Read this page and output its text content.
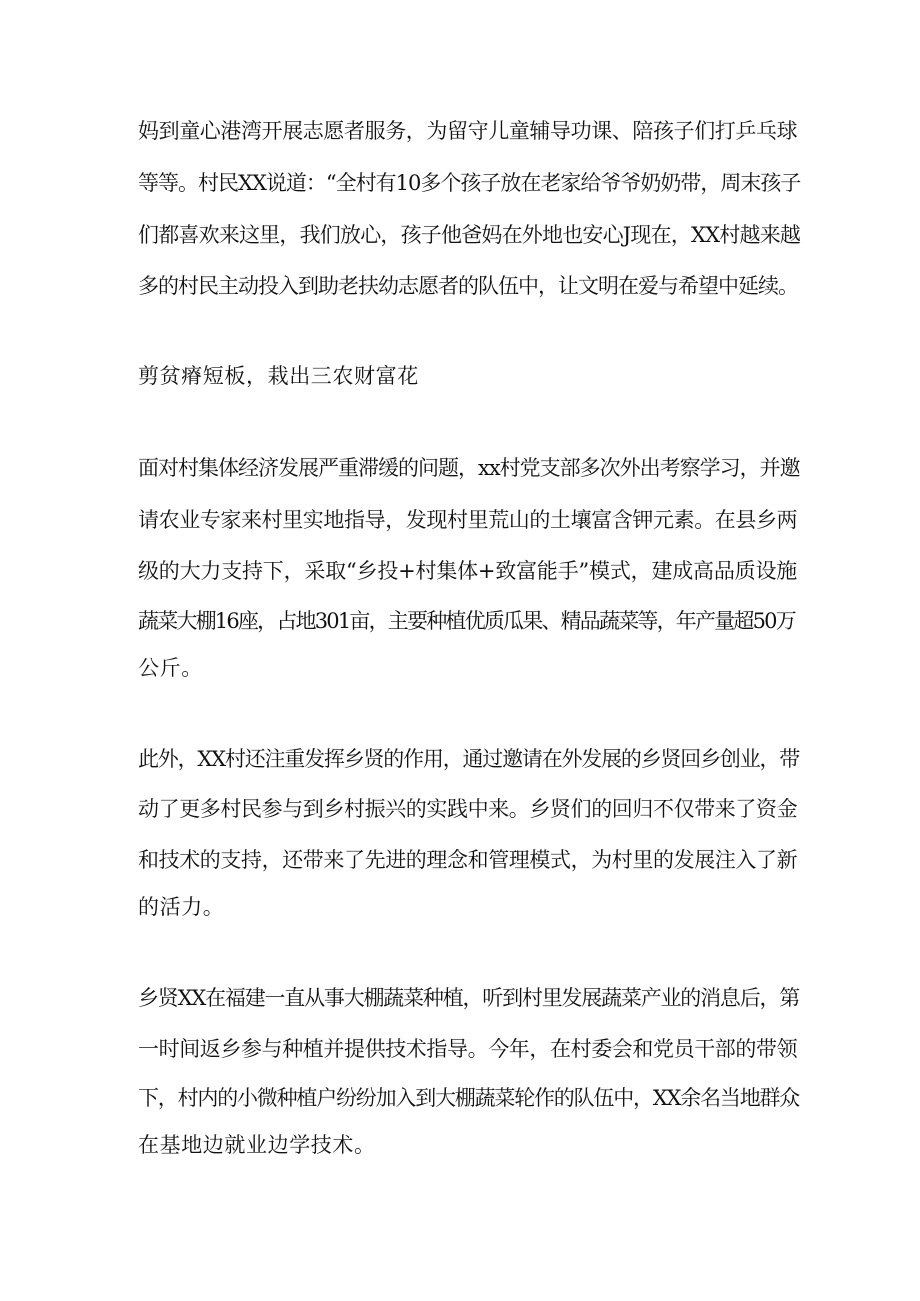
妈到童心港湾开展志愿者服务，为留守儿童辅导功课、陪孩子们打乒乓球
等等。村民XX说道：“全村有10多个孩子放在老家给爷爷奶奶带，周末孩子
们都喜欢来这里，我们放心，孩子他爸妈在外地也安心J现在，XX村越来越
多的村民主动投入到助老扶幼志愿者的队伍中，让文明在爱与希望中延续。
剪贫瘠短板，栽出三农财富花
面对村集体经济发展严重滞缓的问题，xx村党支部多次外出考察学习，并邀
请农业专家来村里实地指导，发现村里荒山的土壤富含钾元素。在县乡两
级的大力支持下，采取“乡投+村集体+致富能手”模式，建成高品质设施
蔬菜大棚16座，占地301亩，主要种植优质瓜果、精品蔬菜等，年产量超50万
公斤。
此外，XX村还注重发挥乡贤的作用，通过邀请在外发展的乡贤回乡创业，带
动了更多村民参与到乡村振兴的实践中来。乡贤们的回归不仅带来了资金
和技术的支持，还带来了先进的理念和管理模式，为村里的发展注入了新
的活力。
乡贤XX在福建一直从事大棚蔬菜种植，听到村里发展蔬菜产业的消息后，第
一时间返乡参与种植并提供技术指导。今年，在村委会和党员干部的带领
下，村内的小微种植户纷纷加入到大棚蔬菜轮作的队伍中，XX余名当地群众
在基地边就业边学技术。
